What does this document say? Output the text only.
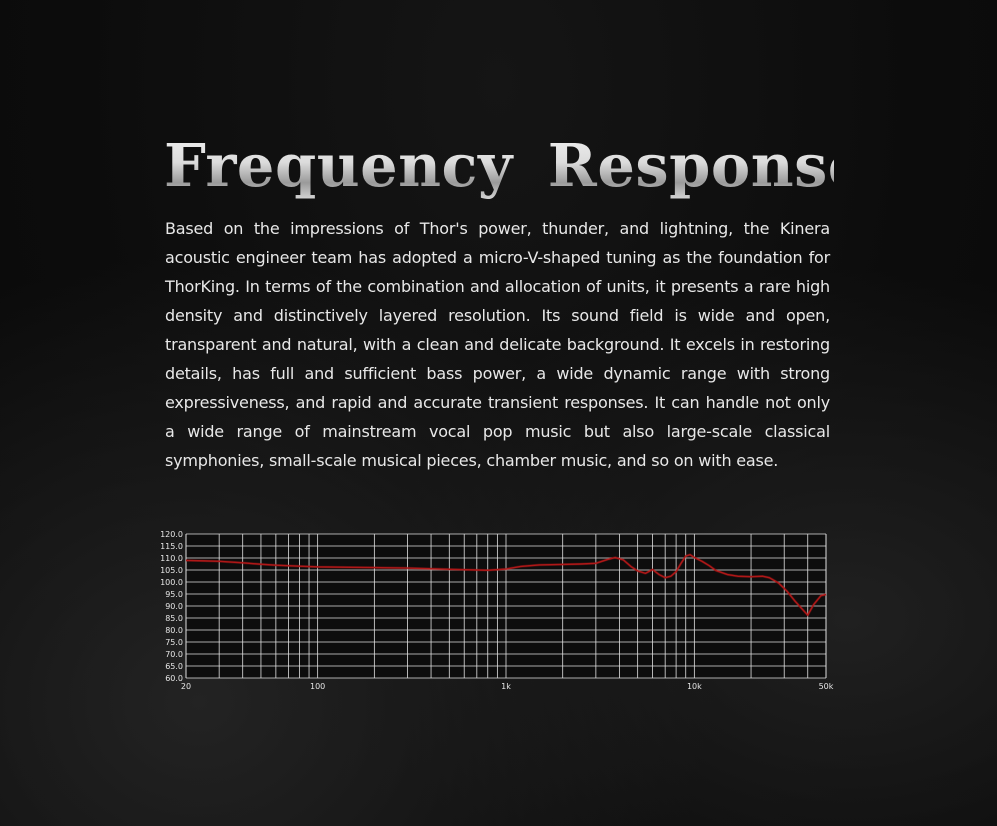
Frequency Response

Based on the impressions of Thor's power, thunder, and lightning, the Kinera acoustic engineer team has adopted a micro-V-shaped tuning as the foundation for ThorKing. In terms of the combination and allocation of units, it presents a rare high density and distinctively layered resolution. Its sound field is wide and open, transparent and natural, with a clean and delicate background. It excels in restoring details, has full and sufficient bass power, a wide dynamic range with strong expressiveness, and rapid and accurate transient responses. It can handle not only a wide range of mainstream vocal pop music but also large-scale classical symphonies, small-scale musical pieces, chamber music, and so on with ease.

60.0
65.0
70.0
75.0
80.0
85.0
90.0
95.0
100.0
105.0
110.0
115.0
120.0
20	100	1k	10k	50k
